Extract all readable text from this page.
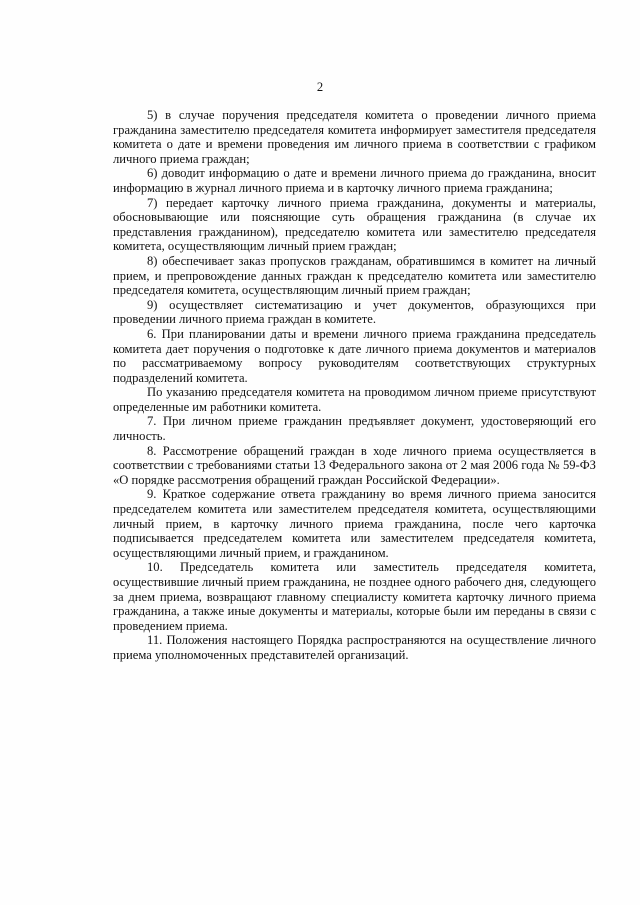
2

5) в случае поручения председателя комитета о проведении личного приема гражданина заместителю председателя комитета информирует заместителя председателя комитета о дате и времени проведения им личного приема в соответствии с графиком личного приема граждан;

6) доводит информацию о дате и времени личного приема до гражданина, вносит информацию в журнал личного приема и в карточку личного приема гражданина;

7) передает карточку личного приема гражданина, документы и материалы, обосновывающие или поясняющие суть обращения гражданина (в случае их представления гражданином), председателю комитета или заместителю председателя комитета, осуществляющим личный прием граждан;

8) обеспечивает заказ пропусков гражданам, обратившимся в комитет на личный прием, и препровождение данных граждан к председателю комитета или заместителю председателя комитета, осуществляющим личный прием граждан;

9) осуществляет систематизацию и учет документов, образующихся при проведении личного приема граждан в комитете.

6. При планировании даты и времени личного приема гражданина председатель комитета дает поручения о подготовке к дате личного приема документов и материалов по рассматриваемому вопросу руководителям соответствующих структурных подразделений комитета.

По указанию председателя комитета на проводимом личном приеме присутствуют определенные им работники комитета.

7. При личном приеме гражданин предъявляет документ, удостоверяющий его личность.

8. Рассмотрение обращений граждан в ходе личного приема осуществляется в соответствии с требованиями статьи 13 Федерального закона от 2 мая 2006 года № 59-ФЗ «О порядке рассмотрения обращений граждан Российской Федерации».

9. Краткое содержание ответа гражданину во время личного приема заносится председателем комитета или заместителем председателя комитета, осуществляющими личный прием, в карточку личного приема гражданина, после чего карточка подписывается председателем комитета или заместителем председателя комитета, осуществляющими личный прием, и гражданином.

10. Председатель комитета или заместитель председателя комитета, осуществившие личный прием гражданина, не позднее одного рабочего дня, следующего за днем приема, возвращают главному специалисту комитета карточку личного приема гражданина, а также иные документы и материалы, которые были им переданы в связи с проведением приема.

11. Положения настоящего Порядка распространяются на осуществление личного приема уполномоченных представителей организаций.
